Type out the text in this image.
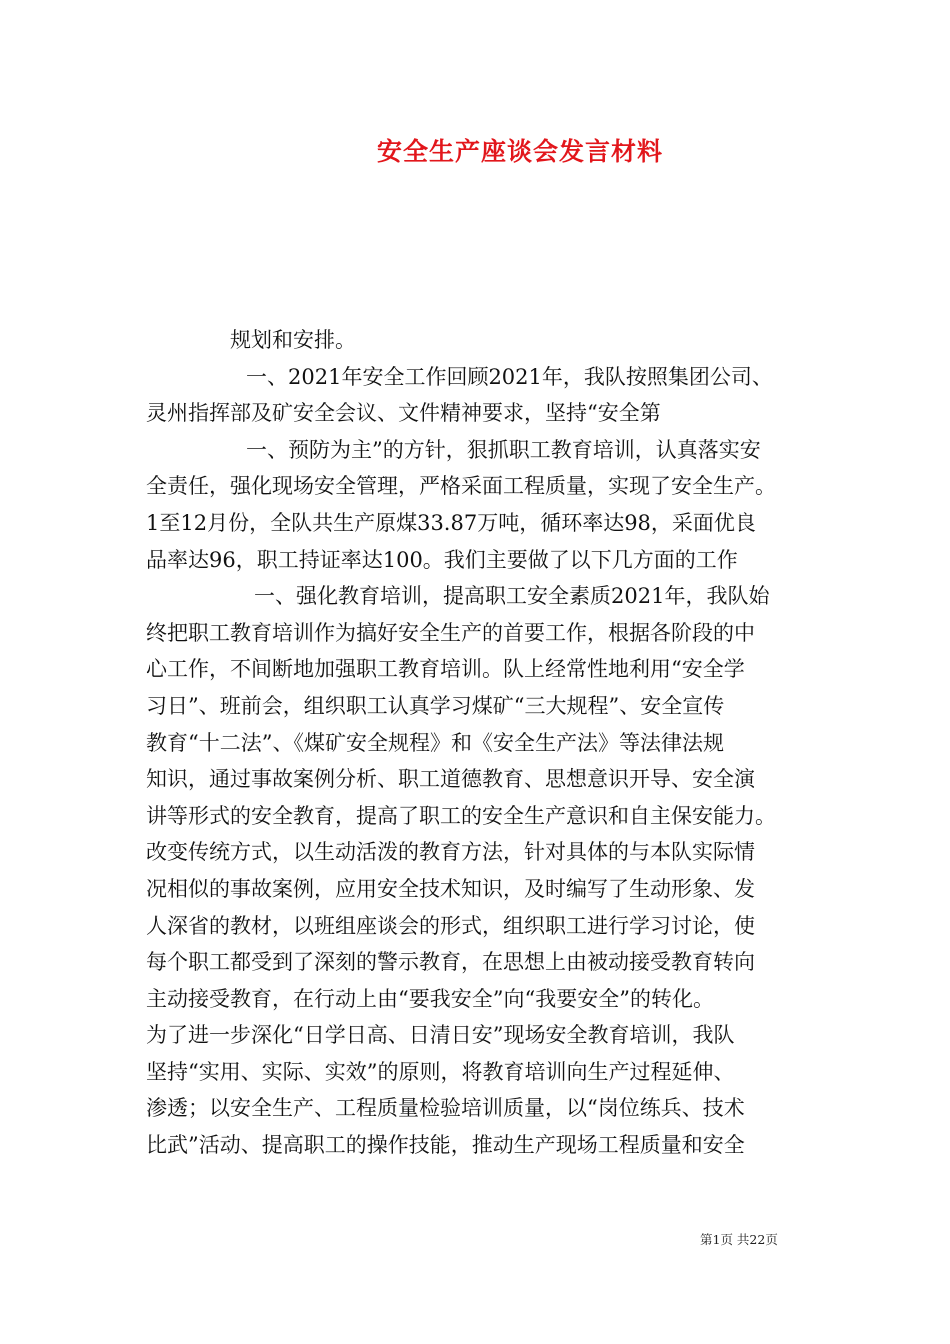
安全生产座谈会发言材料
规划和安排。
一、2021年安全工作回顾2021年，我队按照集团公司、
灵州指挥部及矿安全会议、文件精神要求，坚持“安全第
一、预防为主”的方针，狠抓职工教育培训，认真落实安
全责任，强化现场安全管理，严格采面工程质量，实现了安全生产。
1至12月份，全队共生产原煤33.87万吨，循环率达98，采面优良
品率达96，职工持证率达100。我们主要做了以下几方面的工作
一、强化教育培训，提高职工安全素质2021年，我队始
终把职工教育培训作为搞好安全生产的首要工作，根据各阶段的中
心工作，不间断地加强职工教育培训。队上经常性地利用“安全学
习日”、班前会，组织职工认真学习煤矿“三大规程”、安全宣传
教育“十二法”、《煤矿安全规程》和《安全生产法》等法律法规
知识，通过事故案例分析、职工道德教育、思想意识开导、安全演
讲等形式的安全教育，提高了职工的安全生产意识和自主保安能力。
改变传统方式，以生动活泼的教育方法，针对具体的与本队实际情
况相似的事故案例，应用安全技术知识，及时编写了生动形象、发
人深省的教材，以班组座谈会的形式，组织职工进行学习讨论，使
每个职工都受到了深刻的警示教育，在思想上由被动接受教育转向
主动接受教育，在行动上由“要我安全”向“我要安全”的转化。
为了进一步深化“日学日高、日清日安”现场安全教育培训，我队
坚持“实用、实际、实效”的原则，将教育培训向生产过程延伸、
渗透；以安全生产、工程质量检验培训质量，以“岗位练兵、技术
比武”活动、提高职工的操作技能，推动生产现场工程质量和安全
第1页 共22页
